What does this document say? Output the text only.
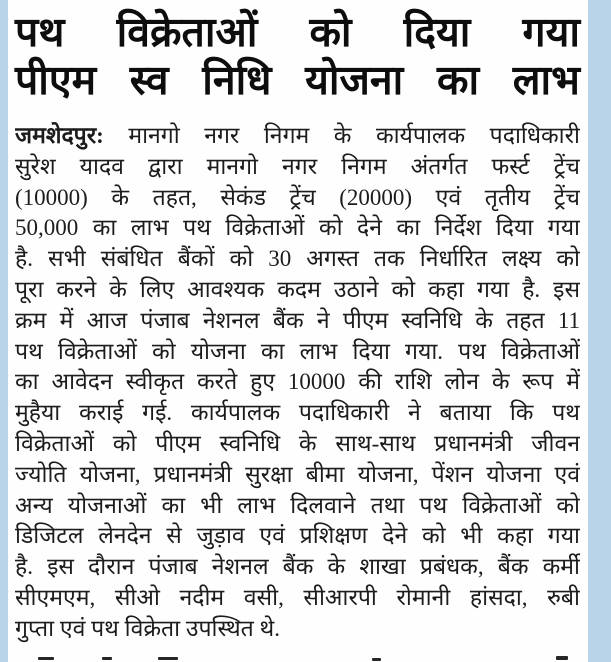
पथ विक्रेताओं को दिया गया
पीएम स्व निधि योजना का लाभ
जमशेदपुर: मानगो नगर निगम के कार्यपालक पदाधिकारी
सुरेश यादव द्वारा मानगो नगर निगम अंतर्गत फर्स्ट ट्रेंच
(10000) के तहत, सेकंड ट्रेंच (20000) एवं तृतीय ट्रेंच
50,000 का लाभ पथ विक्रेताओं को देने का निर्देश दिया गया
है. सभी संबंधित बैंकों को 30 अगस्त तक निर्धारित लक्ष्य को
पूरा करने के लिए आवश्यक कदम उठाने को कहा गया है. इस
क्रम में आज पंजाब नेशनल बैंक ने पीएम स्वनिधि के तहत 11
पथ विक्रेताओं को योजना का लाभ दिया गया. पथ विक्रेताओं
का आवेदन स्वीकृत करते हुए 10000 की राशि लोन के रूप में
मुहैया कराई गई. कार्यपालक पदाधिकारी ने बताया कि पथ
विक्रेताओं को पीएम स्वनिधि के साथ-साथ प्रधानमंत्री जीवन
ज्योति योजना, प्रधानमंत्री सुरक्षा बीमा योजना, पेंशन योजना एवं
अन्य योजनाओं का भी लाभ दिलवाने तथा पथ विक्रेताओं को
डिजिटल लेनदेन से जुड़ाव एवं प्रशिक्षण देने को भी कहा गया
है. इस दौरान पंजाब नेशनल बैंक के शाखा प्रबंधक, बैंक कर्मी
सीएमएम, सीओ नदीम वसी, सीआरपी रोमानी हांसदा, रुबी
गुप्ता एवं पथ विक्रेता उपस्थित थे.
